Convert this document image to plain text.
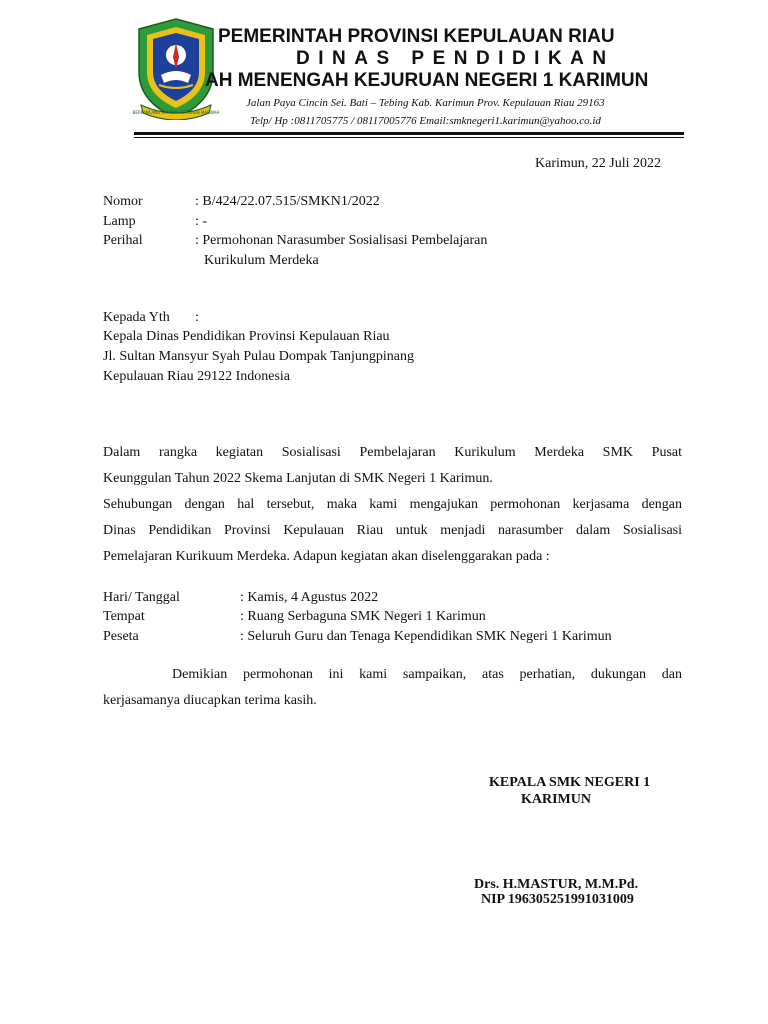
BERPANCANG AMANAH BERSAUH MARWAH
PEMERINTAH PROVINSI KEPULAUAN RIAU
DINAS PENDIDIKAN
AH MENENGAH KEJURUAN NEGERI 1 KARIMUN
Jalan Paya Cincin Sei. Bati – Tebing Kab. Karimun Prov. Kepulauan Riau 29163
Telp/ Hp :0811705775 / 08117005776 Email:smknegeri1.karimun@yahoo.co.id
Karimun, 22 Juli 2022
Nomor	: B/424/22.07.515/SMKN1/2022
Lamp	: -
Perihal	: Permohonan Narasumber Sosialisasi Pembelajaran
Kurikulum Merdeka
Kepada Yth :
Kepala Dinas Pendidikan Provinsi Kepulauan Riau
Jl. Sultan Mansyur Syah Pulau Dompak Tanjungpinang
Kepulauan Riau 29122 Indonesia
Dalam rangka kegiatan Sosialisasi Pembelajaran Kurikulum Merdeka SMK Pusat
Keunggulan Tahun 2022 Skema Lanjutan di SMK Negeri 1 Karimun.
Sehubungan dengan hal tersebut, maka kami mengajukan permohonan kerjasama dengan
Dinas Pendidikan Provinsi Kepulauan Riau untuk menjadi narasumber dalam Sosialisasi
Pemelajaran Kurikuum Merdeka. Adapun kegiatan akan diselenggarakan pada :
Hari/ Tanggal	: Kamis, 4 Agustus 2022
Tempat	: Ruang Serbaguna SMK Negeri 1 Karimun
Peseta	: Seluruh Guru dan Tenaga Kependidikan SMK Negeri 1 Karimun
Demikian permohonan ini kami sampaikan, atas perhatian, dukungan dan
kerjasamanya diucapkan terima kasih.
KEPALA SMK NEGERI 1
KARIMUN
Drs. H.MASTUR, M.M.Pd.
NIP 196305251991031009
